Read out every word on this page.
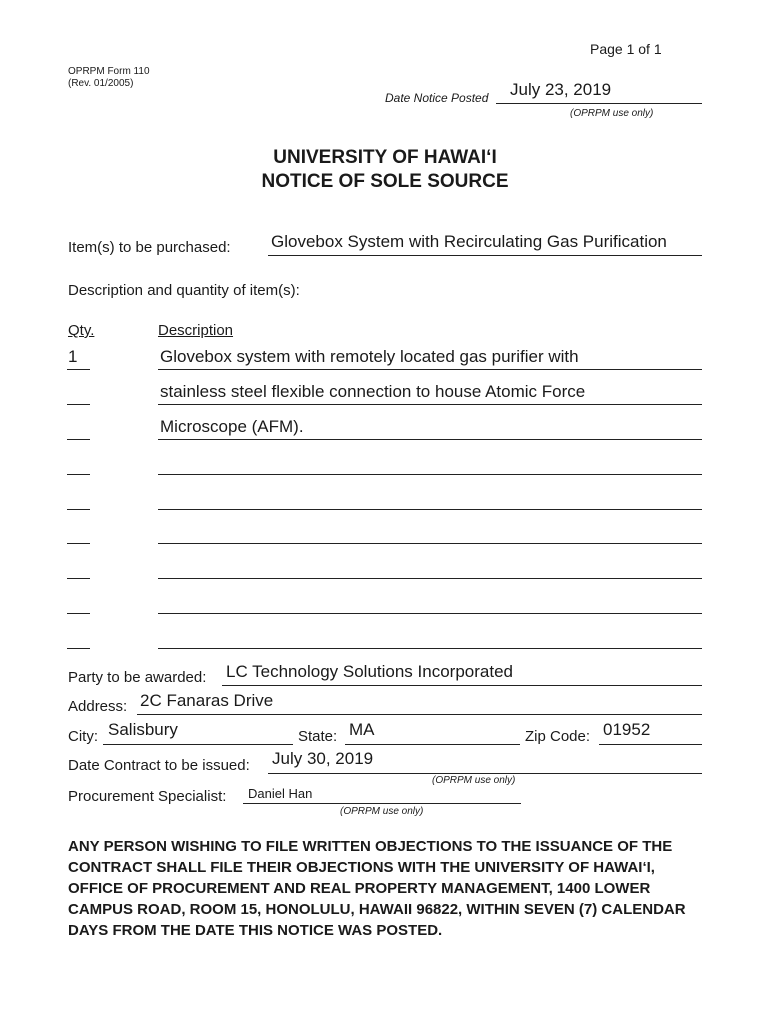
Page 1 of 1
OPRPM Form 110
(Rev. 01/2005)
Date Notice Posted July 23, 2019
(OPRPM use only)
UNIVERSITY OF HAWAI‘I
NOTICE OF SOLE SOURCE
Item(s) to be purchased: Glovebox System with Recirculating Gas Purification
Description and quantity of item(s):
Qty.	Description
1	Glovebox system with remotely located gas purifier with
stainless steel flexible connection to house Atomic Force
Microscope (AFM).
Party to be awarded: LC Technology Solutions Incorporated
Address: 2C Fanaras Drive
City: Salisbury	State: MA	Zip Code: 01952
Date Contract to be issued: July 30, 2019
(OPRPM use only)
Procurement Specialist: Daniel Han
(OPRPM use only)
ANY PERSON WISHING TO FILE WRITTEN OBJECTIONS TO THE ISSUANCE OF THE CONTRACT SHALL FILE THEIR OBJECTIONS WITH THE UNIVERSITY OF HAWAI‘I, OFFICE OF PROCUREMENT AND REAL PROPERTY MANAGEMENT, 1400 LOWER CAMPUS ROAD, ROOM 15, HONOLULU, HAWAII 96822, WITHIN SEVEN (7) CALENDAR DAYS FROM THE DATE THIS NOTICE WAS POSTED.
